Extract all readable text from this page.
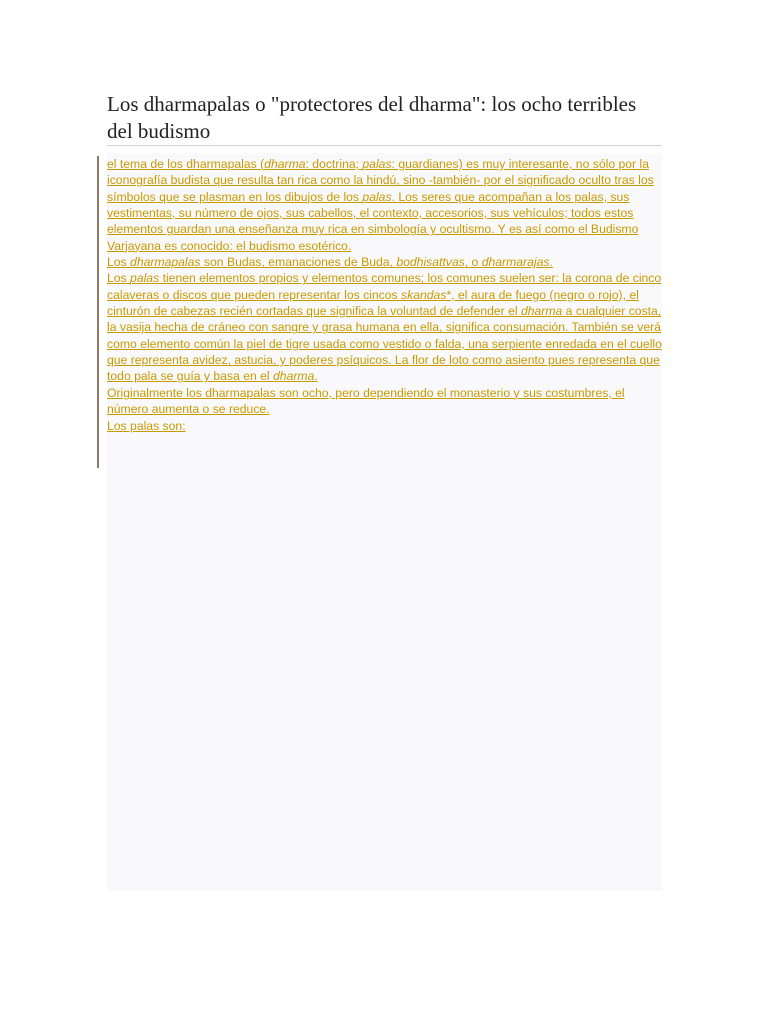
Los dharmapalas o "protectores del dharma": los ocho terribles del budismo

el tema de los dharmapalas (dharma: doctrina; palas: guardianes) es muy interesante, no sólo por la iconografía budista que resulta tan rica como la hindú, sino -también- por el significado oculto tras los símbolos que se plasman en los dibujos de los palas. Los seres que acompañan a los palas, sus vestimentas, su número de ojos, sus cabellos, el contexto, accesorios, sus vehículos; todos estos elementos guardan una enseñanza muy rica en simbología y ocultismo. Y es así como el Budismo Varjayana es conocido: el budismo esotérico.

Los dharmapalas son Budas, emanaciones de Buda, bodhisattvas, o dharmarajas.

Los palas tienen elementos propios y elementos comunes; los comunes suelen ser: la corona de cinco calaveras o discos que pueden representar los cincos skandas*, el aura de fuego (negro o rojo), el cinturón de cabezas recién cortadas que significa la voluntad de defender el dharma a cualquier costa, la vasija hecha de cráneo con sangre y grasa humana en ella, significa consumación. También se verá como elemento común la piel de tigre usada como vestido o falda, una serpiente enredada en el cuello que representa avidez, astucia, y poderes psíquicos. La flor de loto como asiento pues representa que todo pala se guía y basa en el dharma.

Originalmente los dharmapalas son ocho, pero dependiendo el monasterio y sus costumbres, el número aumenta o se reduce.

Los palas son:
